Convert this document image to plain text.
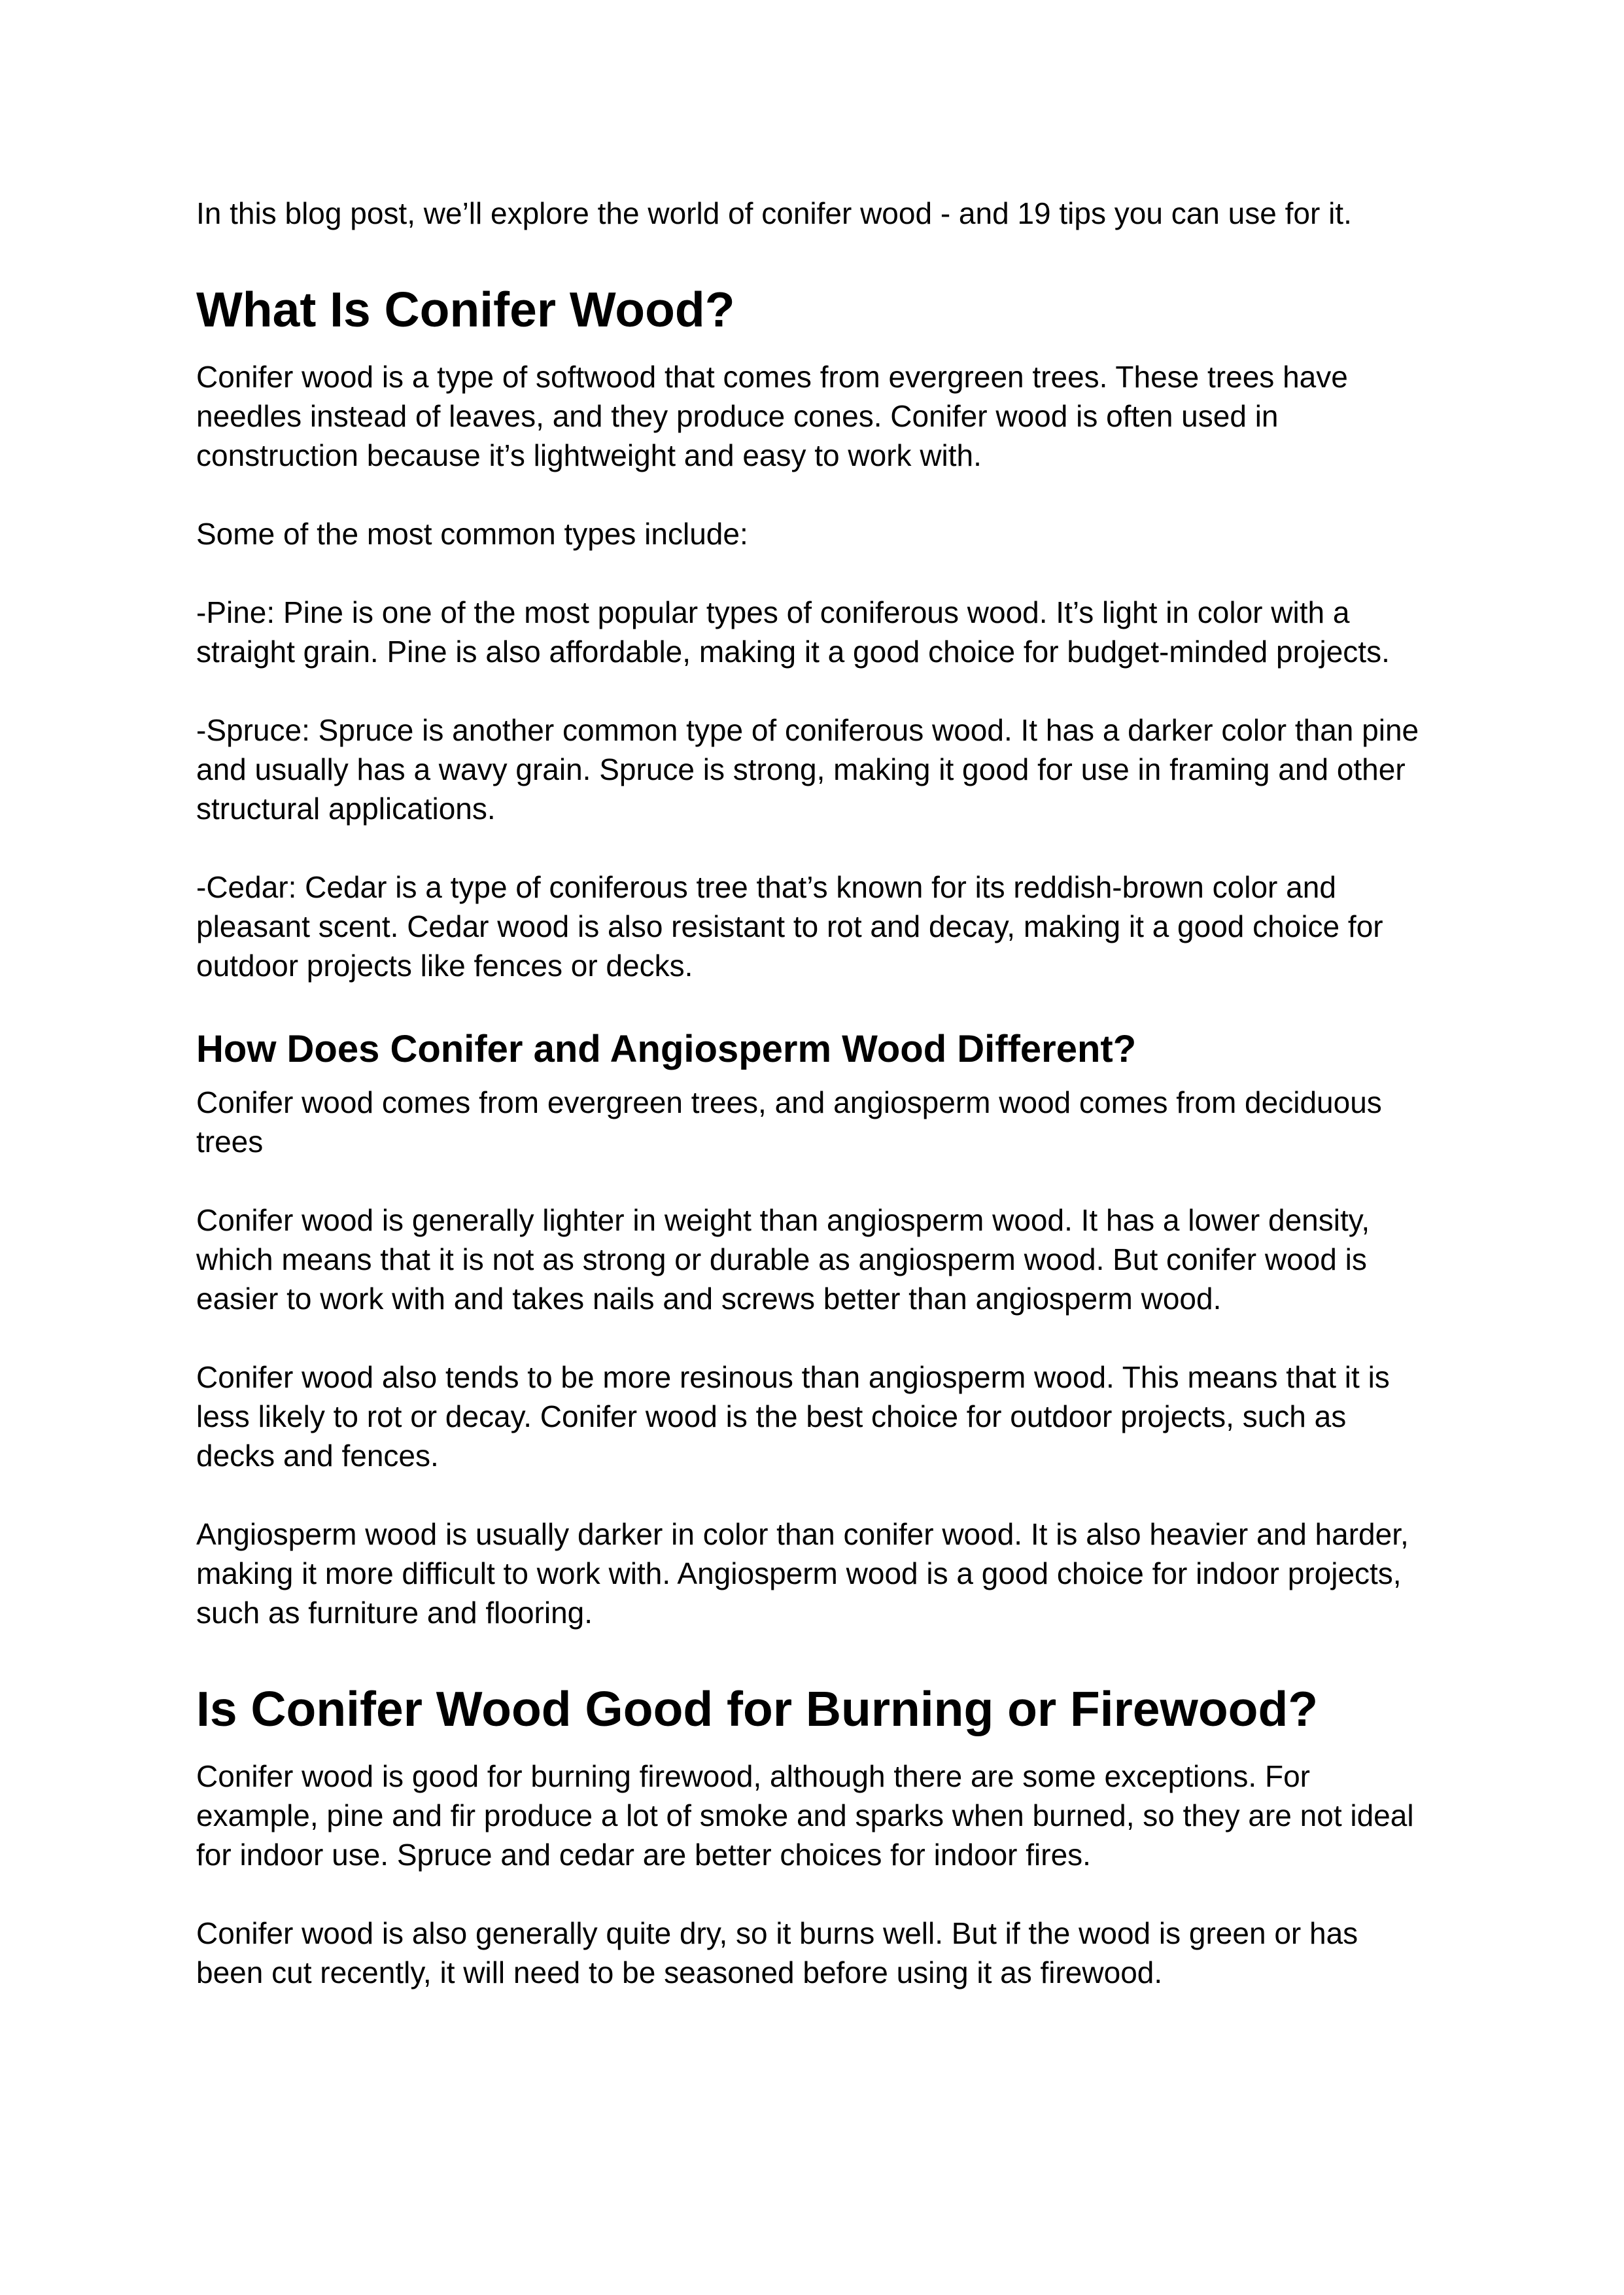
In this blog post, we’ll explore the world of conifer wood - and 19 tips you can use for it.

What Is Conifer Wood?

Conifer wood is a type of softwood that comes from evergreen trees. These trees have needles instead of leaves, and they produce cones. Conifer wood is often used in construction because it’s lightweight and easy to work with.

Some of the most common types include:

-Pine: Pine is one of the most popular types of coniferous wood. It’s light in color with a straight grain. Pine is also affordable, making it a good choice for budget-minded projects.

-Spruce: Spruce is another common type of coniferous wood. It has a darker color than pine and usually has a wavy grain. Spruce is strong, making it good for use in framing and other structural applications.

-Cedar: Cedar is a type of coniferous tree that’s known for its reddish-brown color and pleasant scent. Cedar wood is also resistant to rot and decay, making it a good choice for outdoor projects like fences or decks.

How Does Conifer and Angiosperm Wood Different?

Conifer wood comes from evergreen trees, and angiosperm wood comes from deciduous trees

Conifer wood is generally lighter in weight than angiosperm wood. It has a lower density, which means that it is not as strong or durable as angiosperm wood. But conifer wood is easier to work with and takes nails and screws better than angiosperm wood.

Conifer wood also tends to be more resinous than angiosperm wood. This means that it is less likely to rot or decay. Conifer wood is the best choice for outdoor projects, such as decks and fences.

Angiosperm wood is usually darker in color than conifer wood. It is also heavier and harder, making it more difficult to work with. Angiosperm wood is a good choice for indoor projects, such as furniture and flooring.

Is Conifer Wood Good for Burning or Firewood?

Conifer wood is good for burning firewood, although there are some exceptions. For example, pine and fir produce a lot of smoke and sparks when burned, so they are not ideal for indoor use. Spruce and cedar are better choices for indoor fires.

Conifer wood is also generally quite dry, so it burns well. But if the wood is green or has been cut recently, it will need to be seasoned before using it as firewood.
